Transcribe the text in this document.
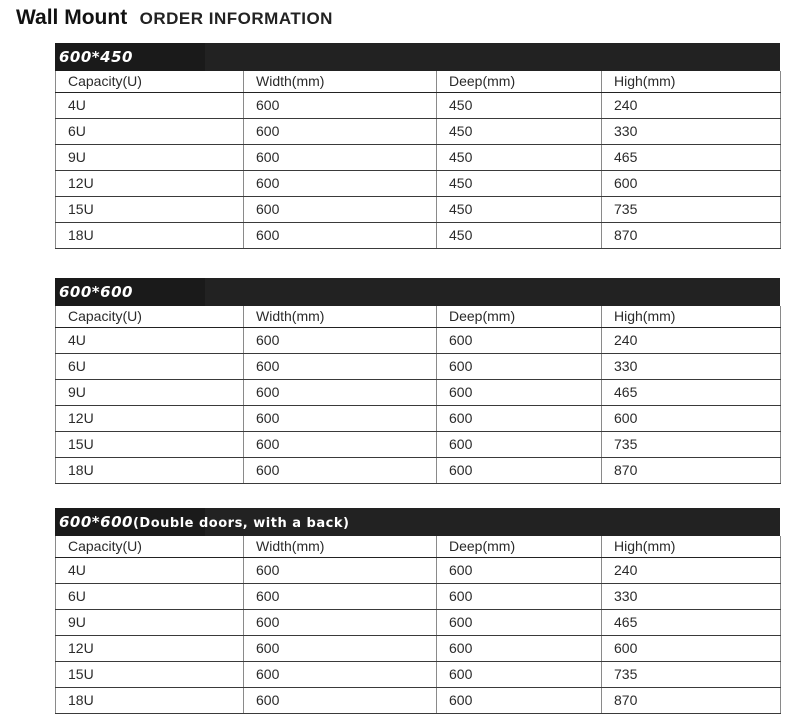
Wall Mount ORDER INFORMATION
600*450
Capacity(U)	Width(mm)	Deep(mm)	High(mm)
4U	600	450	240
6U	600	450	330
9U	600	450	465
12U	600	450	600
15U	600	450	735
18U	600	450	870
600*600
Capacity(U)	Width(mm)	Deep(mm)	High(mm)
4U	600	600	240
6U	600	600	330
9U	600	600	465
12U	600	600	600
15U	600	600	735
18U	600	600	870
600*600(Double doors, with a back)
Capacity(U)	Width(mm)	Deep(mm)	High(mm)
4U	600	600	240
6U	600	600	330
9U	600	600	465
12U	600	600	600
15U	600	600	735
18U	600	600	870
